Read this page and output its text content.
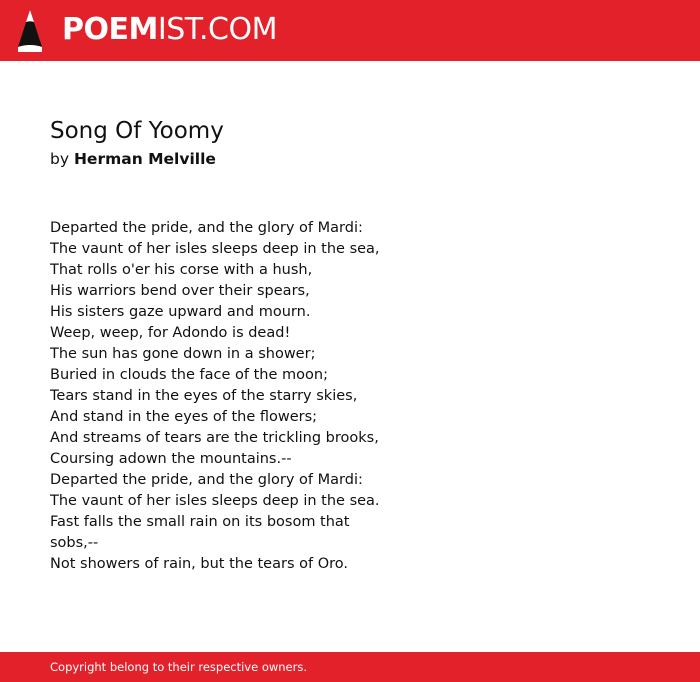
POEMIST.COM
Song Of Yoomy
by Herman Melville
Departed the pride, and the glory of Mardi:
The vaunt of her isles sleeps deep in the sea,
That rolls o'er his corse with a hush,
His warriors bend over their spears,
His sisters gaze upward and mourn.
Weep, weep, for Adondo is dead!
The sun has gone down in a shower;
Buried in clouds the face of the moon;
Tears stand in the eyes of the starry skies,
And stand in the eyes of the flowers;
And streams of tears are the trickling brooks,
Coursing adown the mountains.--
Departed the pride, and the glory of Mardi:
The vaunt of her isles sleeps deep in the sea.
Fast falls the small rain on its bosom that
sobs,--
Not showers of rain, but the tears of Oro.
Copyright belong to their respective owners.
